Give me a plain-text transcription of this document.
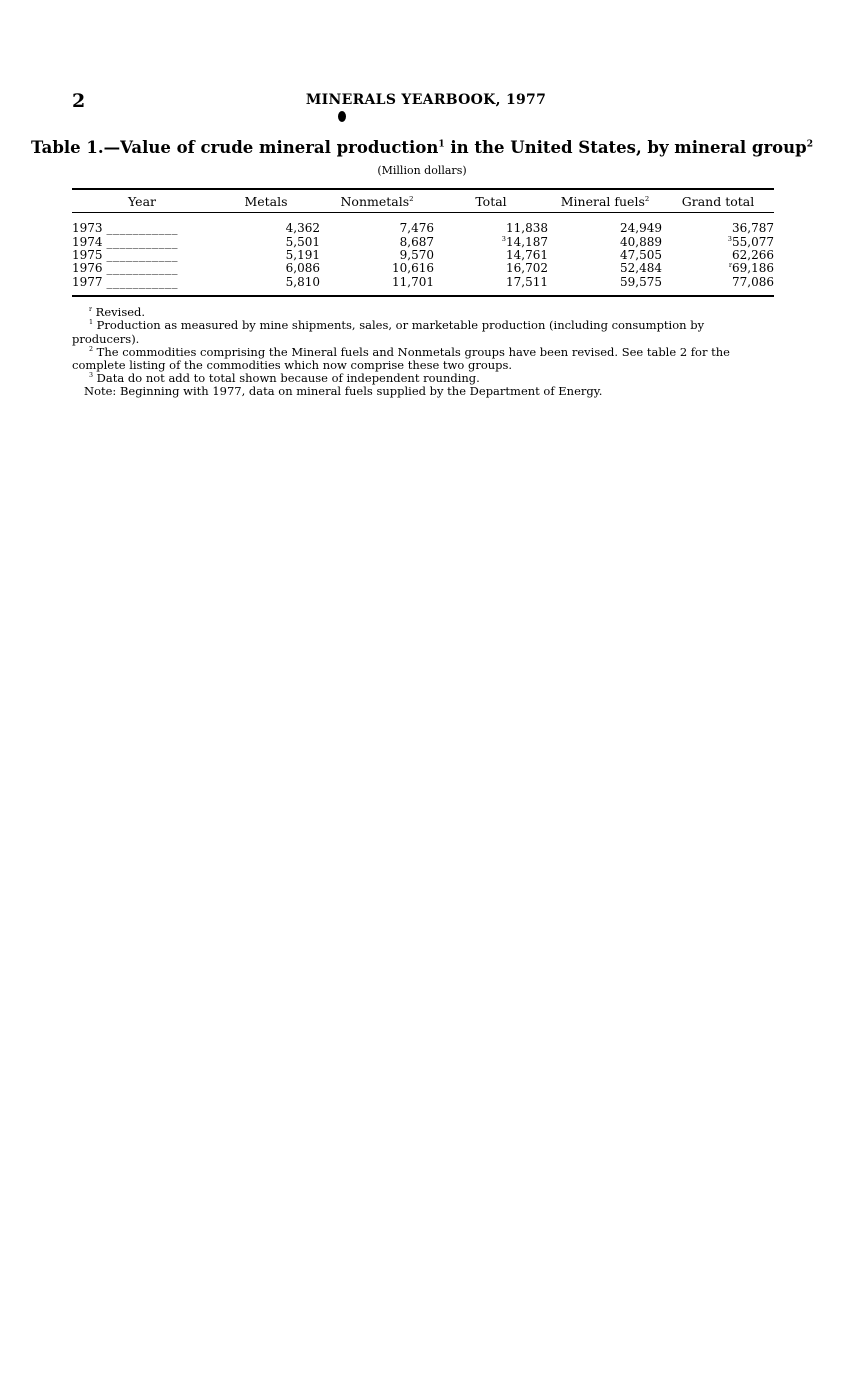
2	MINERALS YEARBOOK, 1977
Table 1.—Value of crude mineral production$^1$ in the United States, by mineral group$^2$
(Million dollars)
Year	Metals	Nonmetals$^2$	Total	Mineral fuels$^2$	Grand total
1973 ___________	4,362	7,476	11,838	24,949	36,787
1974 ___________	5,501	8,687	$^3$14,187	40,889	$^3$55,077
1975 ___________	5,191	9,570	14,761	47,505	62,266
1976 ___________	6,086	10,616	16,702	52,484	$^r$69,186
1977 ___________	5,810	11,701	17,511	59,575	77,086

$^r$ Revised.

$^1$ Production as measured by mine shipments, sales, or marketable production (including consumption by producers).

$^2$ The commodities comprising the Mineral fuels and Nonmetals groups have been revised. See table 2 for the complete listing of the commodities which now comprise these two groups.

$^3$ Data do not add to total shown because of independent rounding.

Note: Beginning with 1977, data on mineral fuels supplied by the Department of Energy.
